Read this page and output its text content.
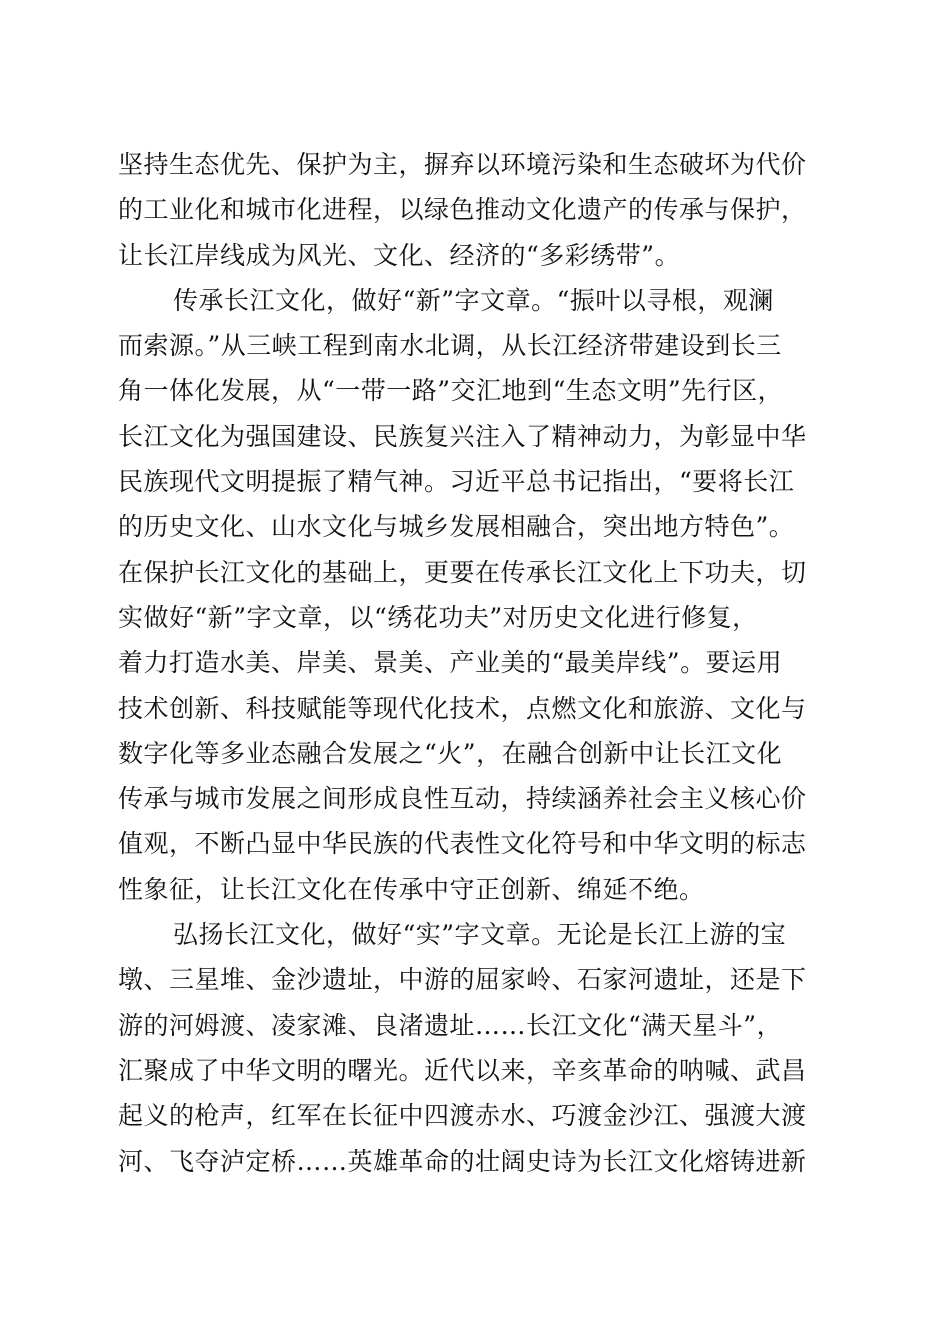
坚持生态优先、保护为主，摒弃以环境污染和生态破坏为代价
的工业化和城市化进程，以绿色推动文化遗产的传承与保护，
让长江岸线成为风光、文化、经济的“多彩绣带”。
传承长江文化，做好“新”字文章。“振叶以寻根，观澜
而索源。”从三峡工程到南水北调，从长江经济带建设到长三
角一体化发展，从“一带一路”交汇地到“生态文明”先行区，
长江文化为强国建设、民族复兴注入了精神动力，为彰显中华
民族现代文明提振了精气神。习近平总书记指出，“要将长江
的历史文化、山水文化与城乡发展相融合，突出地方特色”。
在保护长江文化的基础上，更要在传承长江文化上下功夫，切
实做好“新”字文章，以“绣花功夫”对历史文化进行修复，
着力打造水美、岸美、景美、产业美的“最美岸线”。要运用
技术创新、科技赋能等现代化技术，点燃文化和旅游、文化与
数字化等多业态融合发展之“火”，在融合创新中让长江文化
传承与城市发展之间形成良性互动，持续涵养社会主义核心价
值观，不断凸显中华民族的代表性文化符号和中华文明的标志
性象征，让长江文化在传承中守正创新、绵延不绝。
弘扬长江文化，做好“实”字文章。无论是长江上游的宝
墩、三星堆、金沙遗址，中游的屈家岭、石家河遗址，还是下
游的河姆渡、凌家滩、良渚遗址……长江文化“满天星斗”，
汇聚成了中华文明的曙光。近代以来，辛亥革命的呐喊、武昌
起义的枪声，红军在长征中四渡赤水、巧渡金沙江、强渡大渡
河、飞夺泸定桥……英雄革命的壮阔史诗为长江文化熔铸进新
